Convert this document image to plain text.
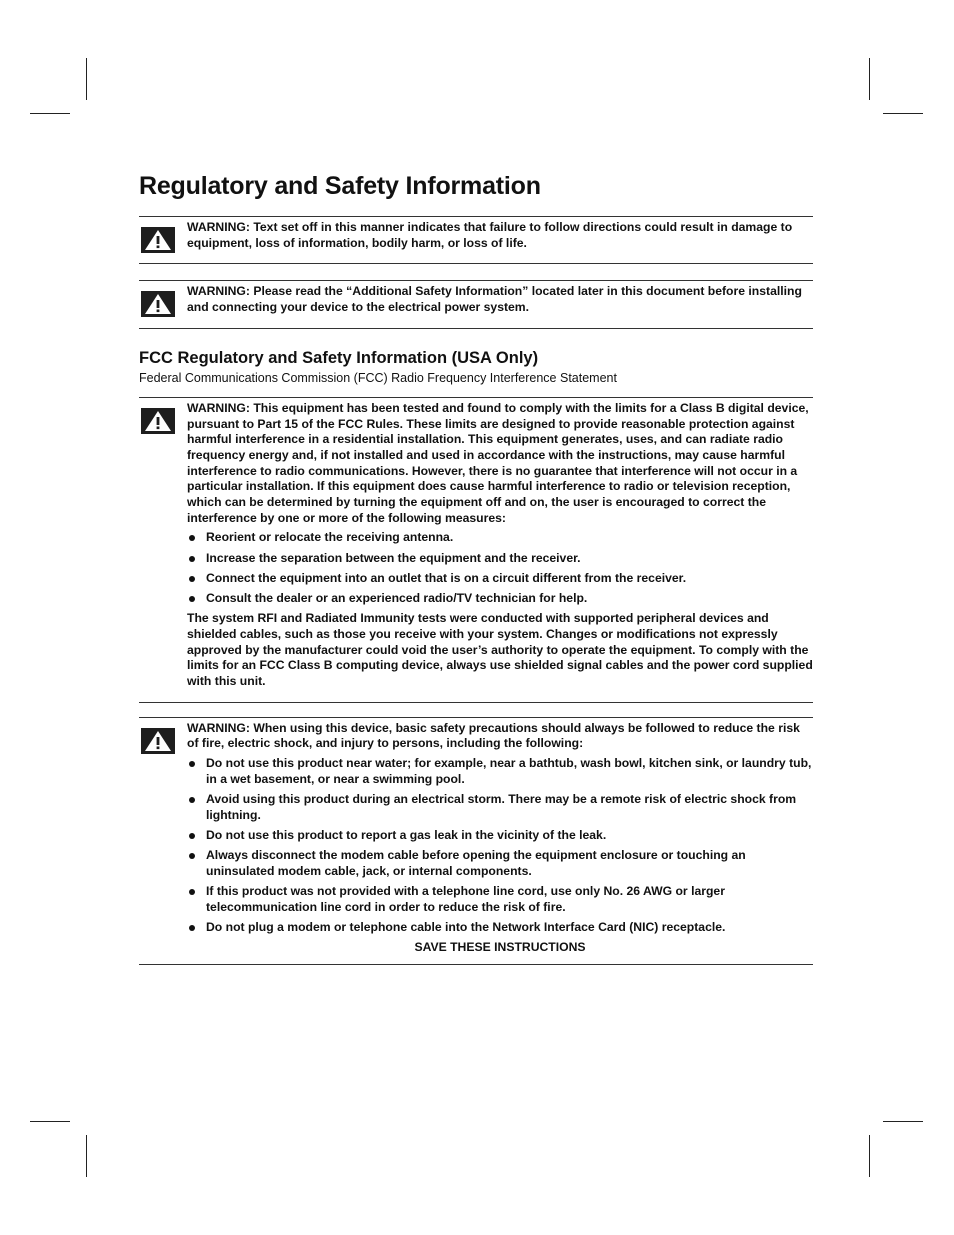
Regulatory and Safety Information

WARNING: Text set off in this manner indicates that failure to follow directions could result in damage to equipment, loss of information, bodily harm, or loss of life.

WARNING: Please read the “Additional Safety Information” located later in this document before installing and connecting your device to the electrical power system.

FCC Regulatory and Safety Information (USA Only)
Federal Communications Commission (FCC) Radio Frequency Interference Statement

WARNING: This equipment has been tested and found to comply with the limits for a Class B digital device, pursuant to Part 15 of the FCC Rules. These limits are designed to provide reasonable protection against harmful interference in a residential installation. This equipment generates, uses, and can radiate radio frequency energy and, if not installed and used in accordance with the instructions, may cause harmful interference to radio communications. However, there is no guarantee that interference will not occur in a particular installation. If this equipment does cause harmful interference to radio or television reception, which can be determined by turning the equipment off and on, the user is encouraged to correct the interference by one or more of the following measures:

Reorient or relocate the receiving antenna.
Increase the separation between the equipment and the receiver.
Connect the equipment into an outlet that is on a circuit different from the receiver.
Consult the dealer or an experienced radio/TV technician for help.

The system RFI and Radiated Immunity tests were conducted with supported peripheral devices and shielded cables, such as those you receive with your system. Changes or modifications not expressly approved by the manufacturer could void the user’s authority to operate the equipment. To comply with the limits for an FCC Class B computing device, always use shielded signal cables and the power cord supplied with this unit.

WARNING: When using this device, basic safety precautions should always be followed to reduce the risk of fire, electric shock, and injury to persons, including the following:

Do not use this product near water; for example, near a bathtub, wash bowl, kitchen sink, or laundry tub, in a wet basement, or near a swimming pool.
Avoid using this product during an electrical storm. There may be a remote risk of electric shock from lightning.
Do not use this product to report a gas leak in the vicinity of the leak.
Always disconnect the modem cable before opening the equipment enclosure or touching an uninsulated modem cable, jack, or internal components.
If this product was not provided with a telephone line cord, use only No. 26 AWG or larger telecommunication line cord in order to reduce the risk of fire.
Do not plug a modem or telephone cable into the Network Interface Card (NIC) receptacle.

SAVE THESE INSTRUCTIONS
